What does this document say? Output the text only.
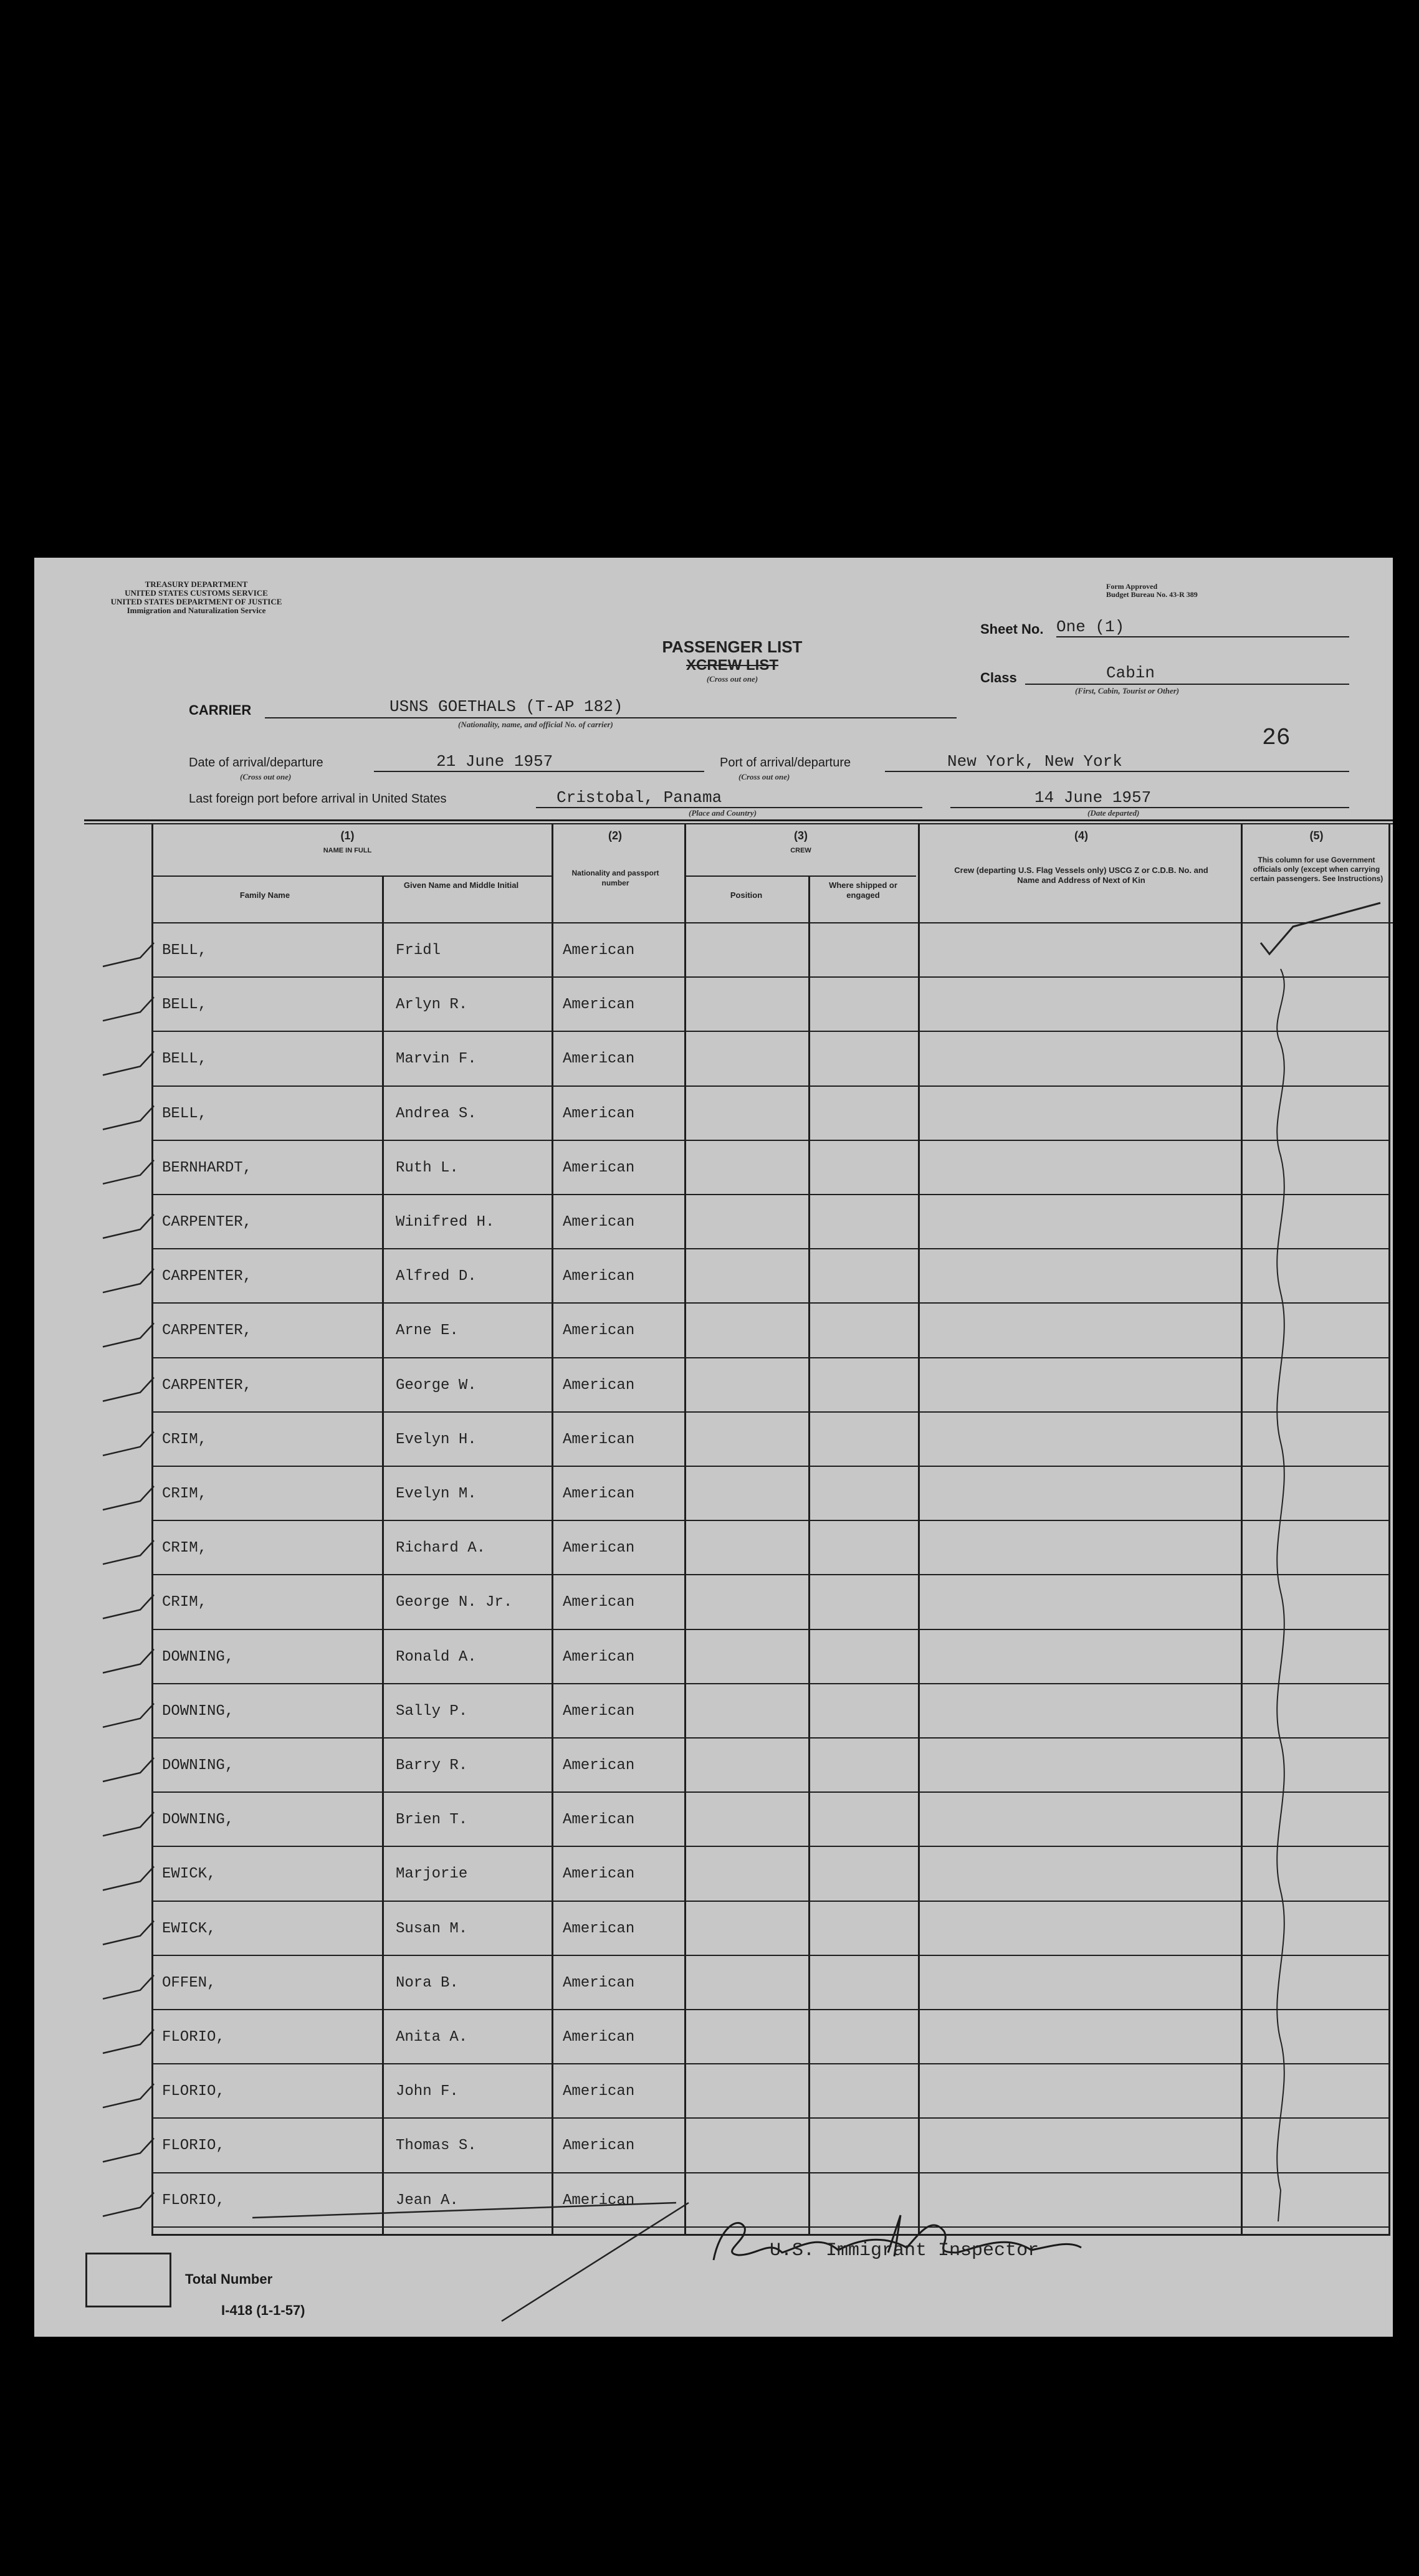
TREASURY DEPARTMENT
UNITED STATES CUSTOMS SERVICE
UNITED STATES DEPARTMENT OF JUSTICE
Immigration and Naturalization Service
Form Approved
Budget Bureau No. 43-R 389
PASSENGER LIST
XCREW LIST
(Cross out one)
Sheet No. One (1)
Class	Cabin
(First, Cabin, Tourist or Other)
CARRIER	USNS GOETHALS (T-AP 182)
(Nationality, name, and official No. of carrier)
26
Date of arrival/departure	21 June 1957
(Cross out one)
Port of arrival/departure	New York, New York
(Cross out one)
Last foreign port before arrival in United States	Cristobal, Panama
(Place and Country)
14 June 1957
(Date departed)
(1)
NAME IN FULL
Family Name
Given Name and Middle Initial
(2)
Nationality and passport number
(3)
CREW
Position
Where shipped or engaged
(4)
Crew (departing U.S. Flag Vessels only) USCG Z or C.D.B. No. and Name and Address of Next of Kin
(5)
This column for use Government officials only (except when carrying certain passengers. See Instructions)
BELL,	Fridl	American
BELL,	Arlyn R.	American
BELL,	Marvin F.	American
BELL,	Andrea S.	American
BERNHARDT,	Ruth L.	American
CARPENTER,	Winifred H.	American
CARPENTER,	Alfred D.	American
CARPENTER,	Arne E.	American
CARPENTER,	George W.	American
CRIM,	Evelyn H.	American
CRIM,	Evelyn M.	American
CRIM,	Richard A.	American
CRIM,	George N. Jr.	American
DOWNING,	Ronald A.	American
DOWNING,	Sally P.	American
DOWNING,	Barry R.	American
DOWNING,	Brien T.	American
EWICK,	Marjorie	American
EWICK,	Susan M.	American
OFFEN,	Nora B.	American
FLORIO,	Anita A.	American
FLORIO,	John F.	American
FLORIO,	Thomas S.	American
FLORIO,	Jean A.	American
U.S. Immigrant Inspector
Total Number
I-418 (1-1-57)
